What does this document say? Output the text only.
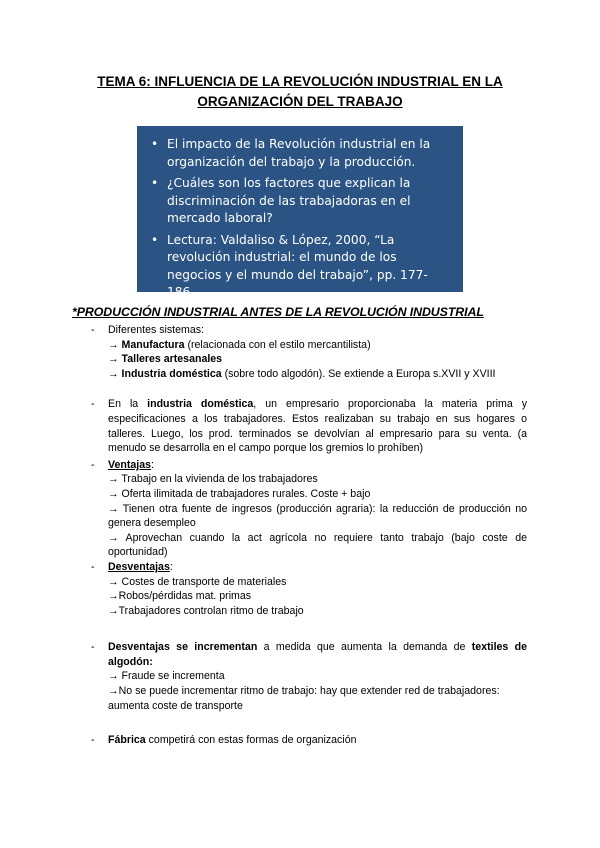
TEMA 6: INFLUENCIA DE LA REVOLUCIÓN INDUSTRIAL EN LA ORGANIZACIÓN DEL TRABAJO
• El impacto de la Revolución industrial en la organización del trabajo y la producción.
• ¿Cuáles son los factores que explican la discriminación de las trabajadoras en el mercado laboral?
• Lectura: Valdaliso & López, 2000, “La revolución industrial: el mundo de los negocios y el mundo del trabajo”, pp. 177-186.
*PRODUCCIÓN INDUSTRIAL ANTES DE LA REVOLUCIÓN INDUSTRIAL
- Diferentes sistemas:
→ Manufactura (relacionada con el estilo mercantilista)
→ Talleres artesanales
→ Industria doméstica (sobre todo algodón). Se extiende a Europa s.XVII y XVIII
- En la industria doméstica, un empresario proporcionaba la materia prima y especificaciones a los trabajadores. Estos realizaban su trabajo en sus hogares o talleres. Luego, los prod. terminados se devolvían al empresario para su venta. (a menudo se desarrolla en el campo porque los gremios lo prohíben)
- Ventajas:
→ Trabajo en la vivienda de los trabajadores
→ Oferta ilimitada de trabajadores rurales. Coste + bajo
→ Tienen otra fuente de ingresos (producción agraria): la reducción de producción no genera desempleo
→ Aprovechan cuando la act agrícola no requiere tanto trabajo (bajo coste de oportunidad)
- Desventajas:
→ Costes de transporte de materiales
→Robos/pérdidas mat. primas
→Trabajadores controlan ritmo de trabajo
- Desventajas se incrementan a medida que aumenta la demanda de textiles de algodón:
→ Fraude se incrementa
→No se puede incrementar ritmo de trabajo: hay que extender red de trabajadores: aumenta coste de transporte
- Fábrica competirá con estas formas de organización
